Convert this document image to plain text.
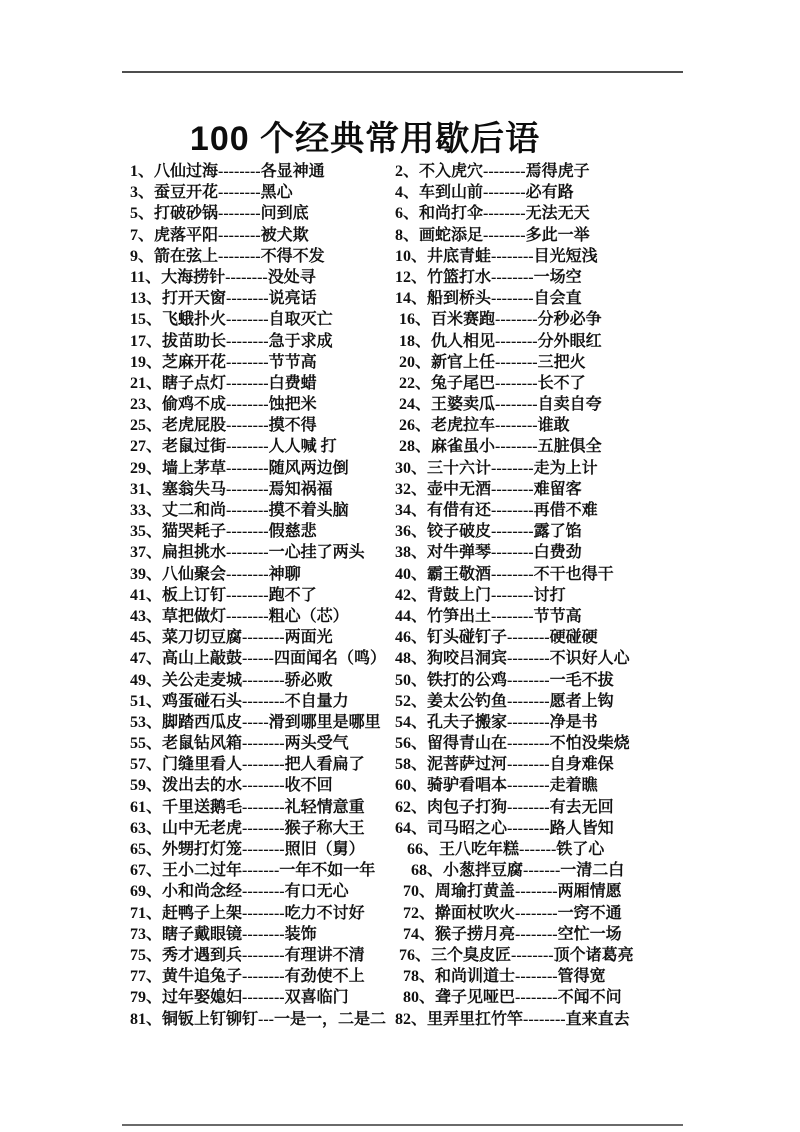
100 个经典常用歇后语
1、八仙过海--------各显神通	2、不入虎穴--------焉得虎子
3、蚕豆开花--------黑心	4、车到山前--------必有路
5、打破砂锅--------问到底	6、和尚打伞--------无法无天
7、虎落平阳--------被犬欺	8、画蛇添足--------多此一举
9、箭在弦上--------不得不发	10、井底青蛙--------目光短浅
11、大海捞针--------没处寻	12、竹篮打水--------一场空
13、打开天窗--------说亮话	14、船到桥头--------自会直
15、飞蛾扑火--------自取灭亡	16、百米赛跑--------分秒必争
17、拔苗助长--------急于求成	18、仇人相见--------分外眼红
19、芝麻开花--------节节高	20、新官上任--------三把火
21、瞎子点灯--------白费蜡	22、兔子尾巴--------长不了
23、偷鸡不成--------蚀把米	24、王婆卖瓜--------自卖自夸
25、老虎屁股--------摸不得	26、老虎拉车--------谁敢
27、老鼠过街--------人人喊 打	28、麻雀虽小--------五脏俱全
29、墙上茅草--------随风两边倒	30、三十六计--------走为上计
31、塞翁失马--------焉知祸福	32、壶中无酒--------难留客
33、丈二和尚--------摸不着头脑	34、有借有还--------再借不难
35、猫哭耗子--------假慈悲	36、铰子破皮--------露了馅
37、扁担挑水--------一心挂了两头	38、对牛弹琴--------白费劲
39、八仙聚会--------神聊	40、霸王敬酒--------不干也得干
41、板上订钉--------跑不了	42、背鼓上门--------讨打
43、草把做灯--------粗心（芯）	44、竹笋出土--------节节高
45、菜刀切豆腐--------两面光	46、钉头碰钉子--------硬碰硬
47、高山上敲鼓------四面闻名（鸣） 48、狗咬吕洞宾--------不识好人心
49、关公走麦城--------骄必败	50、铁打的公鸡--------一毛不拔
51、鸡蛋碰石头--------不自量力	52、姜太公钓鱼--------愿者上钩
53、脚踏西瓜皮-----滑到哪里是哪里 54、孔夫子搬家--------净是书
55、老鼠钻风箱--------两头受气	56、留得青山在--------不怕没柴烧
57、门缝里看人--------把人看扁了	58、泥菩萨过河--------自身难保
59、泼出去的水--------收不回	60、骑驴看唱本--------走着瞧
61、千里送鹅毛--------礼轻情意重	62、肉包子打狗--------有去无回
63、山中无老虎--------猴子称大王	64、司马昭之心--------路人皆知
65、外甥打灯笼--------照旧（舅）	66、王八吃年糕-------铁了心
67、王小二过年-------一年不如一年	68、小葱拌豆腐-------一清二白
69、小和尚念经--------有口无心	70、周瑜打黄盖--------两厢情愿
71、赶鸭子上架--------吃力不讨好	72、擀面杖吹火--------一窍不通
73、瞎子戴眼镜--------装饰	74、猴子捞月亮--------空忙一场
75、秀才遇到兵--------有理讲不清	76、三个臭皮匠--------顶个诸葛亮
77、黄牛追兔子--------有劲使不上	78、和尚训道士--------管得宽
79、过年娶媳妇--------双喜临门	80、聋子见哑巴--------不闻不问
81、铜钣上钉铆钉---一是一，二是二 82、里弄里扛竹竿--------直来直去
